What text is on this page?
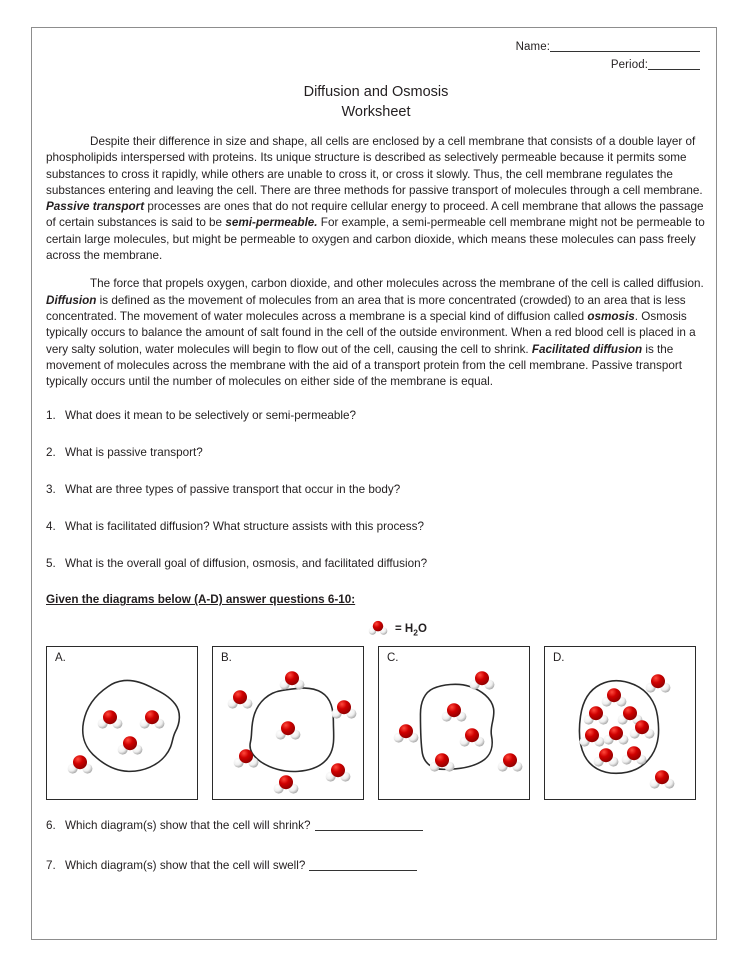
Name:
Period:
Diffusion and Osmosis
Worksheet
Despite their difference in size and shape, all cells are enclosed by a cell membrane that consists of a double layer of phospholipids interspersed with proteins. Its unique structure is described as selectively permeable because it permits some substances to cross it rapidly, while others are unable to cross it, or cross it slowly. Thus, the cell membrane regulates the substances entering and leaving the cell. There are three methods for passive transport of molecules through a cell membrane. Passive transport processes are ones that do not require cellular energy to proceed. A cell membrane that allows the passage of certain substances is said to be semi-permeable. For example, a semi-permeable cell membrane might not be permeable to certain large molecules, but might be permeable to oxygen and carbon dioxide, which means these molecules can pass freely across the membrane.
The force that propels oxygen, carbon dioxide, and other molecules across the membrane of the cell is called diffusion. Diffusion is defined as the movement of molecules from an area that is more concentrated (crowded) to an area that is less concentrated. The movement of water molecules across a membrane is a special kind of diffusion called osmosis. Osmosis typically occurs to balance the amount of salt found in the cell of the outside environment. When a red blood cell is placed in a very salty solution, water molecules will begin to flow out of the cell, causing the cell to shrink. Facilitated diffusion is the movement of molecules across the membrane with the aid of a transport protein from the cell membrane. Passive transport typically occurs until the number of molecules on either side of the membrane is equal.
1. What does it mean to be selectively or semi-permeable?
2. What is passive transport?
3. What are three types of passive transport that occur in the body?
4. What is facilitated diffusion? What structure assists with this process?
5. What is the overall goal of diffusion, osmosis, and facilitated diffusion?
Given the diagrams below (A-D) answer questions 6-10:
= $H_2O$
A.	B.	C.	D.
6. Which diagram(s) show that the cell will shrink?
7. Which diagram(s) show that the cell will swell?
